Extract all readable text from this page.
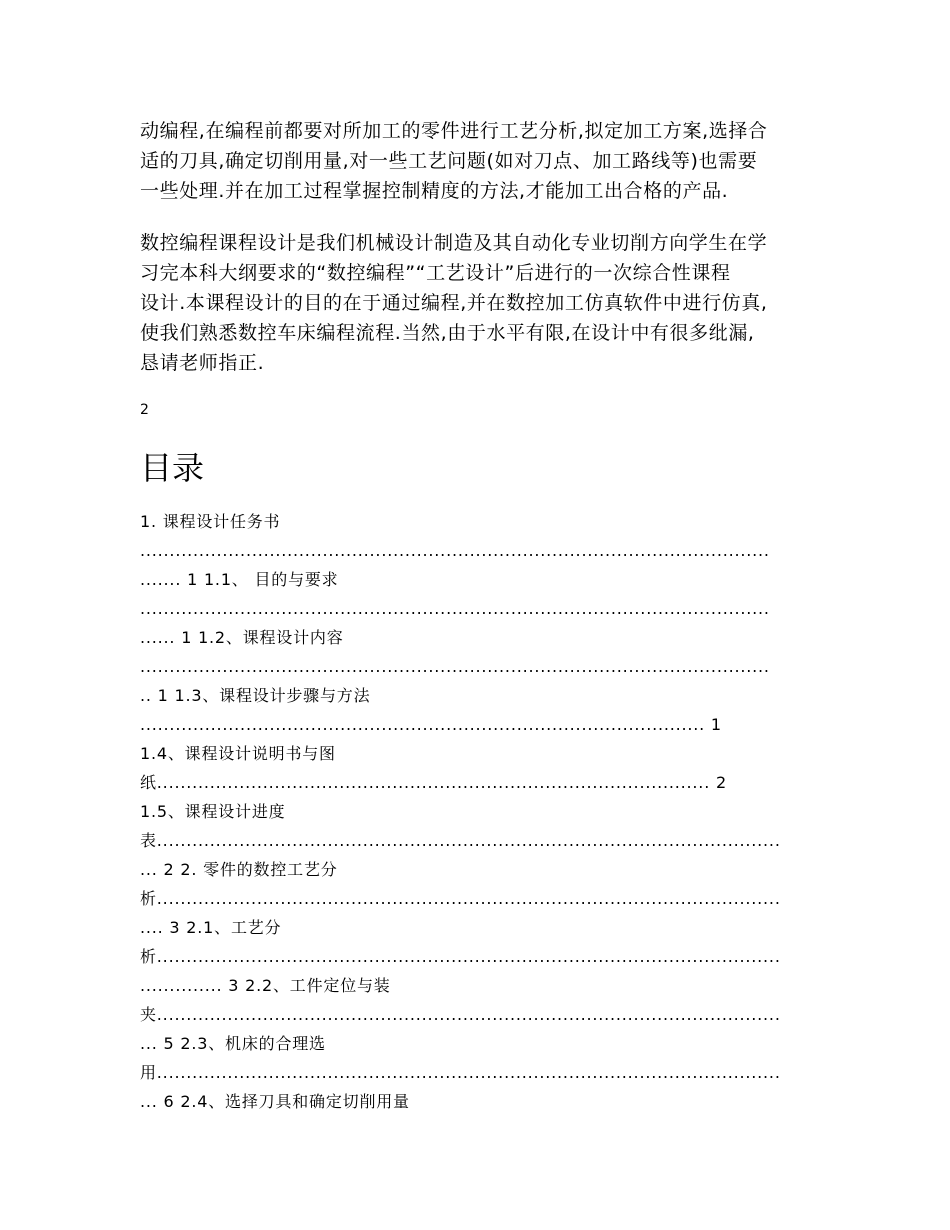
动编程,在编程前都要对所加工的零件进行工艺分析,拟定加工方案,选择合
适的刀具,确定切削用量,对一些工艺问题(如对刀点、加工路线等)也需要
一些处理.并在加工过程掌握控制精度的方法,才能加工出合格的产品.

数控编程课程设计是我们机械设计制造及其自动化专业切削方向学生在学
习完本科大纲要求的“数控编程”“工艺设计”后进行的一次综合性课程
设计.本课程设计的目的在于通过编程,并在数控加工仿真软件中进行仿真,
使我们熟悉数控车床编程流程.当然,由于水平有限,在设计中有很多纰漏,
恳请老师指正.

2
目录
1. 课程设计任务书
...........................................................................................................
....... 1 1.1、 目的与要求
...........................................................................................................
...... 1 1.2、课程设计内容
...........................................................................................................
.. 1 1.3、课程设计步骤与方法
................................................................................................ 1
1.4、课程设计说明书与图
纸.............................................................................................. 2
1.5、课程设计进度
表..........................................................................................................
... 2 2. 零件的数控工艺分
析..........................................................................................................
.... 3 2.1、工艺分
析..........................................................................................................
.............. 3 2.2、工件定位与装
夹..........................................................................................................
... 5 2.3、机床的合理选
用..........................................................................................................
... 6 2.4、选择刀具和确定切削用量
